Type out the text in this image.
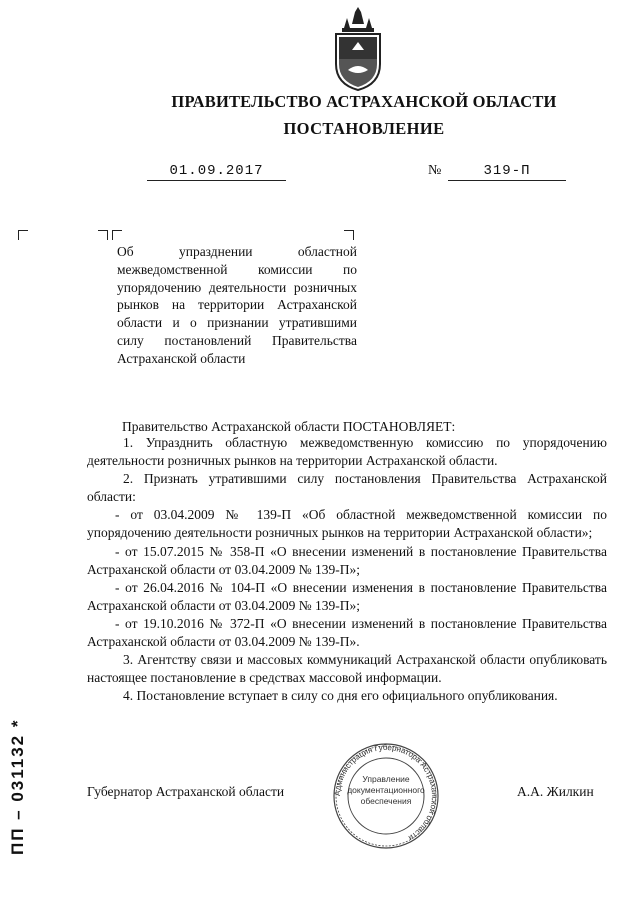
ПРАВИТЕЛЬСТВО АСТРАХАНСКОЙ ОБЛАСТИ
ПОСТАНОВЛЕНИЕ
01.09.2017	№	319-П
Об упразднении областной межведомственной комиссии по упорядочению деятельности розничных рынков на территории Астраханской области и о признании утратившими силу постановлений Правительства Астраханской области
Правительство Астраханской области ПОСТАНОВЛЯЕТ:

1. Упразднить областную межведомственную комиссию по упорядочению деятельности розничных рынков на территории Астраханской области.

2. Признать утратившими силу постановления Правительства Астраханской области:

- от 03.04.2009 № 139-П «Об областной межведомственной комиссии по упорядочению деятельности розничных рынков на территории Астраханской области»;

- от 15.07.2015 № 358-П «О внесении изменений в постановление Правительства Астраханской области от 03.04.2009 № 139-П»;

- от 26.04.2016 № 104-П «О внесении изменения в постановление Правительства Астраханской области от 03.04.2009 № 139-П»;

- от 19.10.2016 № 372-П «О внесении изменений в постановление Правительства Астраханской области от 03.04.2009 № 139-П».

3. Агентству связи и массовых коммуникаций Астраханской области опубликовать настоящее постановление в средствах массовой информации.

4. Постановление вступает в силу со дня его официального опубликования.

Губернатор Астраханской области	А.А. Жилкин
Администрация Губернатора Астраханской области
Управление документационного обеспечения
ПП – 031132 *
